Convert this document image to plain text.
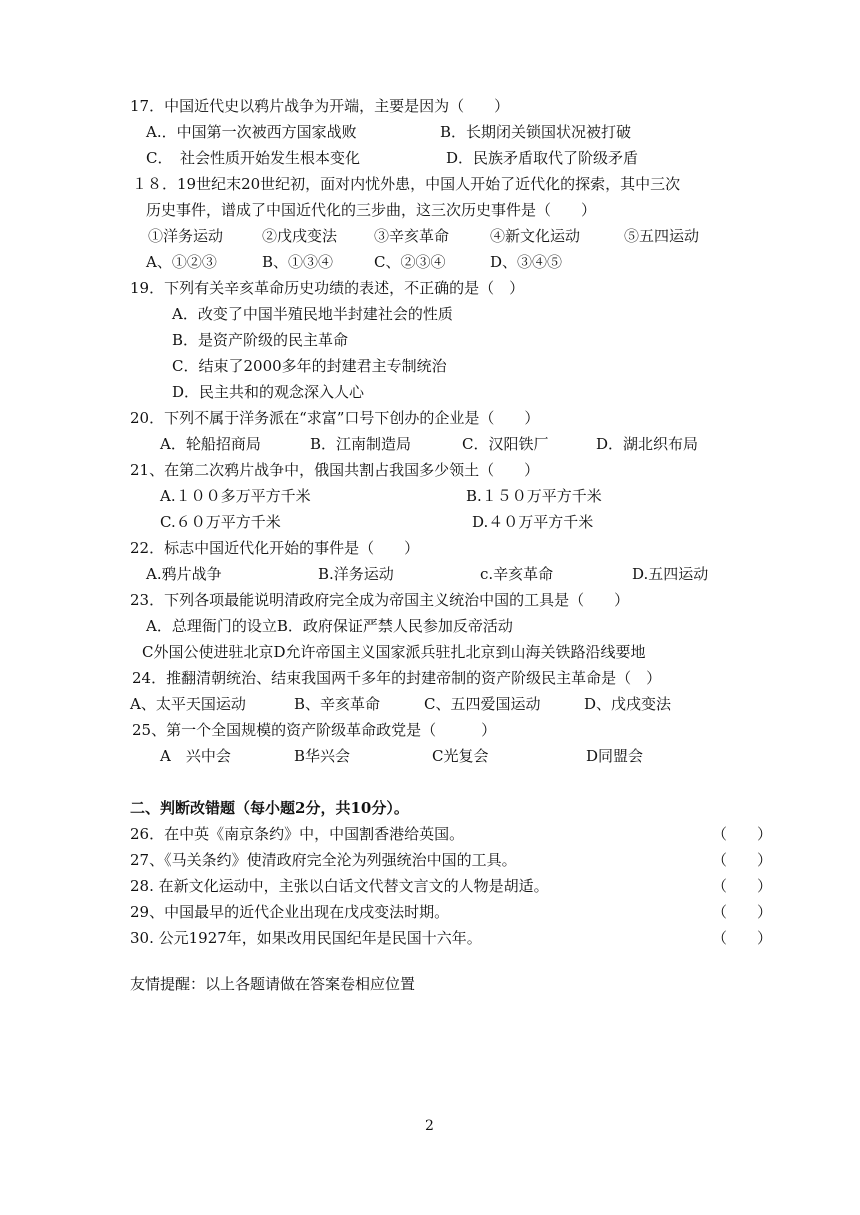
17．中国近代史以鸦片战争为开端，主要是因为（　　）
A.．中国第一次被西方国家战败	B．长期闭关锁国状况被打破
C．　社会性质开始发生根本变化	D．民族矛盾取代了阶级矛盾
１８．19世纪末20世纪初，面对内忧外患，中国人开始了近代化的探索，其中三次
历史事件，谱成了中国近代化的三步曲，这三次历史事件是（　　）
①洋务运动	②戊戌变法 ③辛亥革命	④新文化运动	⑤五四运动
A、①②③	B、①③④	C、②③④	D、③④⑤
19．下列有关辛亥革命历史功绩的表述，不正确的是（　）
A．改变了中国半殖民地半封建社会的性质
B．是资产阶级的民主革命
C．结束了2000多年的封建君主专制统治
D．民主共和的观念深入人心
20．下列不属于洋务派在“求富”口号下创办的企业是（　　）
A．轮船招商局	B．江南制造局	C．汉阳铁厂	D．湖北织布局
21、在第二次鸦片战争中，俄国共割占我国多少领土（　　）
A.１００多万平方千米	B.１５０万平方千米
C.６０万平方千米	D.４０万平方千米
22．标志中国近代化开始的事件是（　　）
A.鸦片战争	B.洋务运动	c.辛亥革命	D.五四运动
23．下列各项最能说明清政府完全成为帝国主义统治中国的工具是（　　）
A．总理衙门的设立B．政府保证严禁人民参加反帝活动
C外国公使进驻北京D允许帝国主义国家派兵驻扎北京到山海关铁路沿线要地
24．推翻清朝统治、结束我国两千多年的封建帝制的资产阶级民主革命是（　）
A、太平天国运动	B、辛亥革命	C、五四爱国运动	D、戊戌变法
25、第一个全国规模的资产阶级革命政党是（　　　）
A　兴中会	B华兴会	C光复会	D同盟会
二、判断改错题（每小题2分，共10分）。
26．在中英《南京条约》中，中国割香港给英国。	（　　）
27、《马关条约》使清政府完全沦为列强统治中国的工具。	（　　）
28. 在新文化运动中，主张以白话文代替文言文的人物是胡适。	（　　）
29、中国最早的近代企业出现在戊戌变法时期。	（　　）
30. 公元1927年，如果改用民国纪年是民国十六年。	（　　）
友情提醒：以上各题请做在答案卷相应位置
2
